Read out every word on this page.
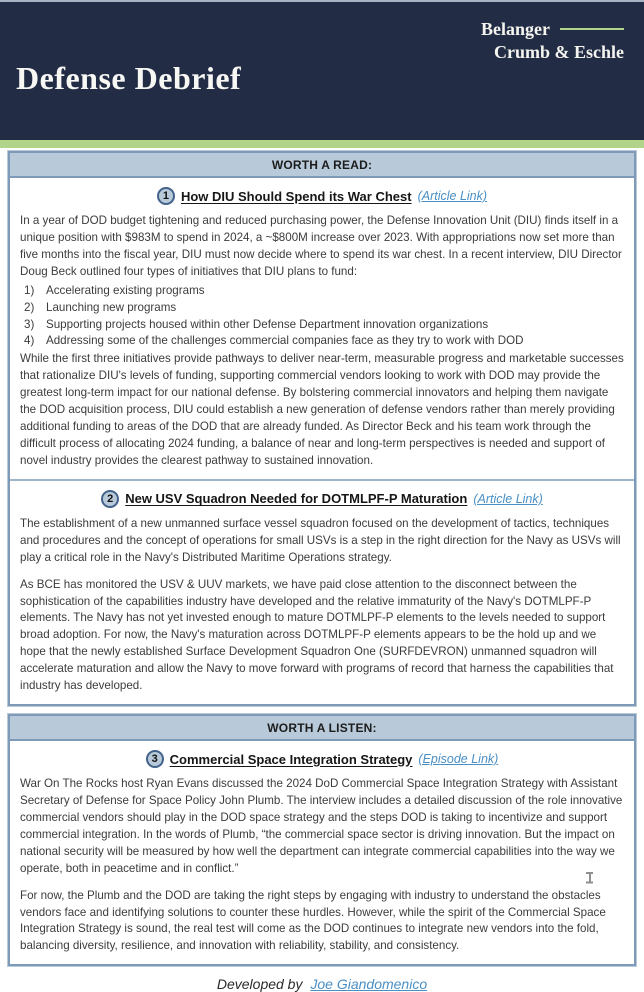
Belanger
Crumb & Eschle
Defense Debrief
WORTH A READ:
1 How DIU Should Spend its War Chest (Article Link)

In a year of DOD budget tightening and reduced purchasing power, the Defense Innovation Unit (DIU) finds itself in a unique position with $983M to spend in 2024, a ~$800M increase over 2023. With appropriations now set more than five months into the fiscal year, DIU must now decide where to spend its war chest. In a recent interview, DIU Director Doug Beck outlined four types of initiatives that DIU plans to fund:

1)	Accelerating existing programs
2)	Launching new programs
3)	Supporting projects housed within other Defense Department innovation organizations
4)	Addressing some of the challenges commercial companies face as they try to work with DOD

While the first three initiatives provide pathways to deliver near-term, measurable progress and marketable successes that rationalize DIU's levels of funding, supporting commercial vendors looking to work with DOD may provide the greatest long-term impact for our national defense. By bolstering commercial innovators and helping them navigate the DOD acquisition process, DIU could establish a new generation of defense vendors rather than merely providing additional funding to areas of the DOD that are already funded. As Director Beck and his team work through the difficult process of allocating 2024 funding, a balance of near and long-term perspectives is needed and support of novel industry provides the clearest pathway to sustained innovation.

2 New USV Squadron Needed for DOTMLPF-P Maturation (Article Link)

The establishment of a new unmanned surface vessel squadron focused on the development of tactics, techniques and procedures and the concept of operations for small USVs is a step in the right direction for the Navy as USVs will play a critical role in the Navy's Distributed Maritime Operations strategy.

As BCE has monitored the USV & UUV markets, we have paid close attention to the disconnect between the sophistication of the capabilities industry have developed and the relative immaturity of the Navy's DOTMLPF-P elements. The Navy has not yet invested enough to mature DOTMLPF-P elements to the levels needed to support broad adoption. For now, the Navy's maturation across DOTMLPF-P elements appears to be the hold up and we hope that the newly established Surface Development Squadron One (SURFDEVRON) unmanned squadron will accelerate maturation and allow the Navy to move forward with programs of record that harness the capabilities that industry has developed.

WORTH A LISTEN:
3 Commercial Space Integration Strategy (Episode Link)

War On The Rocks host Ryan Evans discussed the 2024 DoD Commercial Space Integration Strategy with Assistant Secretary of Defense for Space Policy John Plumb. The interview includes a detailed discussion of the role innovative commercial vendors should play in the DOD space strategy and the steps DOD is taking to incentivize and support commercial integration. In the words of Plumb, “the commercial space sector is driving innovation. But the impact on national security will be measured by how well the department can integrate commercial capabilities into the way we operate, both in peacetime and in conflict.”

For now, the Plumb and the DOD are taking the right steps by engaging with industry to understand the obstacles vendors face and identifying solutions to counter these hurdles. However, while the spirit of the Commercial Space Integration Strategy is sound, the real test will come as the DOD continues to integrate new vendors into the fold, balancing diversity, resilience, and innovation with reliability, stability, and consistency.

Developed by Joe Giandomenico
